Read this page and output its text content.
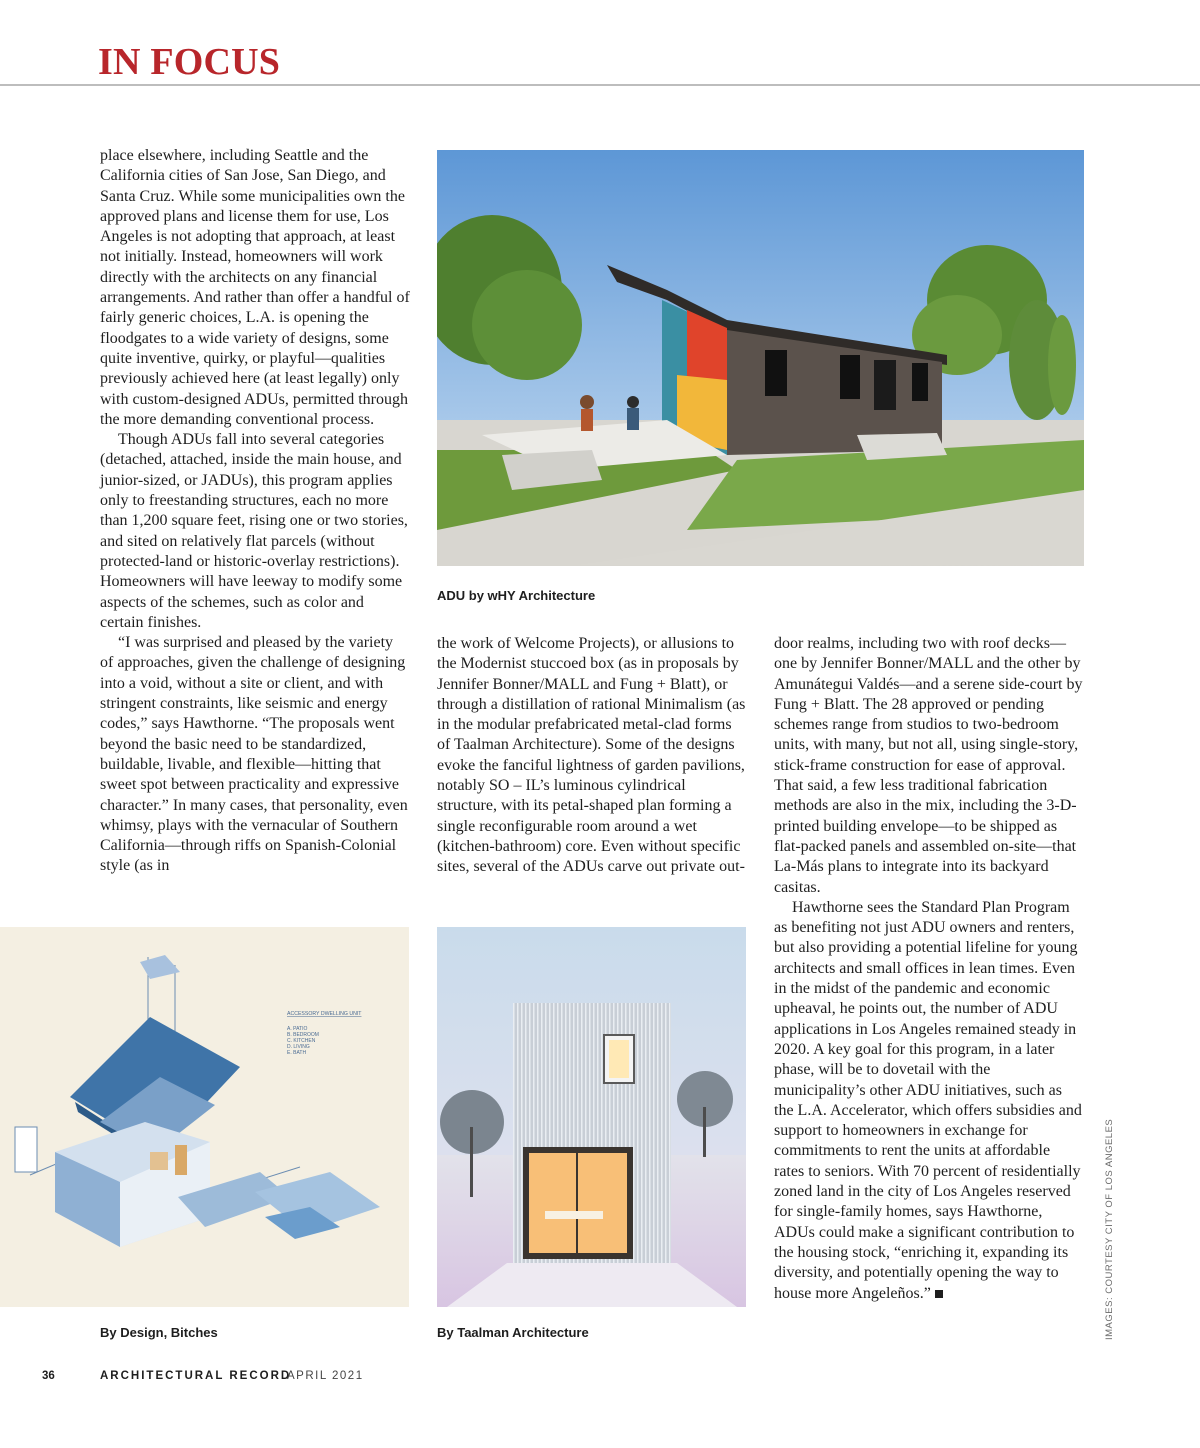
IN FOCUS

place elsewhere, including Seattle and the California cities of San Jose, San Diego, and Santa Cruz. While some municipalities own the approved plans and license them for use, Los Angeles is not adopting that approach, at least not initially. Instead, homeowners will work directly with the architects on any financial arrangements. And rather than offer a handful of fairly generic choices, L.A. is opening the floodgates to a wide variety of designs, some quite inventive, quirky, or playful—qualities previously achieved here (at least legally) only with custom-designed ADUs, permitted through the more demanding conventional process.

Though ADUs fall into several categories (detached, attached, inside the main house, and junior-sized, or JADUs), this program applies only to freestanding structures, each no more than 1,200 square feet, rising one or two stories, and sited on relatively flat parcels (without protected-land or historic-overlay restrictions). Homeowners will have leeway to modify some aspects of the schemes, such as color and certain finishes.

“I was surprised and pleased by the variety of approaches, given the challenge of designing into a void, without a site or client, and with stringent constraints, like seismic and energy codes,” says Hawthorne. “The proposals went beyond the basic need to be standardized, buildable, livable, and flexible—hitting that sweet spot between practicality and expressive character.” In many cases, that personality, even whimsy, plays with the vernacular of Southern California—through riffs on Spanish-Colonial style (as in

ADU by wHY Architecture

the work of Welcome Projects), or allusions to the Modernist stuccoed box (as in proposals by Jennifer Bonner/MALL and Fung + Blatt), or through a distillation of rational Minimalism (as in the modular prefabricated metal-clad forms of Taalman Architecture). Some of the designs evoke the fanciful lightness of garden pavilions, notably SO – IL’s luminous cylindrical structure, with its petal-shaped plan forming a single reconfigurable room around a wet (kitchen-bathroom) core. Even without specific sites, several of the ADUs carve out private out-

door realms, including two with roof decks—one by Jennifer Bonner/MALL and the other by Amunátegui Valdés—and a serene side-court by Fung + Blatt. The 28 approved or pending schemes range from studios to two-bedroom units, with many, but not all, using single-story, stick-frame construction for ease of approval. That said, a few less traditional fabrication methods are also in the mix, including the 3-D-printed building envelope—to be shipped as flat-packed panels and assembled on-site—that La-Más plans to integrate into its backyard casitas.

Hawthorne sees the Standard Plan Program as benefiting not just ADU owners and renters, but also providing a potential lifeline for young architects and small offices in lean times. Even in the midst of the pandemic and economic upheaval, he points out, the number of ADU applications in Los Angeles remained steady in 2020. A key goal for this program, in a later phase, will be to dovetail with the municipality’s other ADU initiatives, such as the L.A. Accelerator, which offers subsidies and support to homeowners in exchange for commitments to rent the units at affordable rates to seniors. With 70 percent of residentially zoned land in the city of Los Angeles reserved for single-family homes, says Hawthorne, ADUs could make a significant contribution to the housing stock, “enriching it, expanding its diversity, and potentially opening the way to house more Angeleños.”

ACCESSORY DWELLING UNIT
A. PATIO
B. BEDROOM
C. KITCHEN
D. LIVING
E. BATH

By Design, Bitches	By Taalman Architecture	IMAGES: COURTESY CITY OF LOS ANGELES
36	ARCHITECTURAL RECORD
APRIL 2021
